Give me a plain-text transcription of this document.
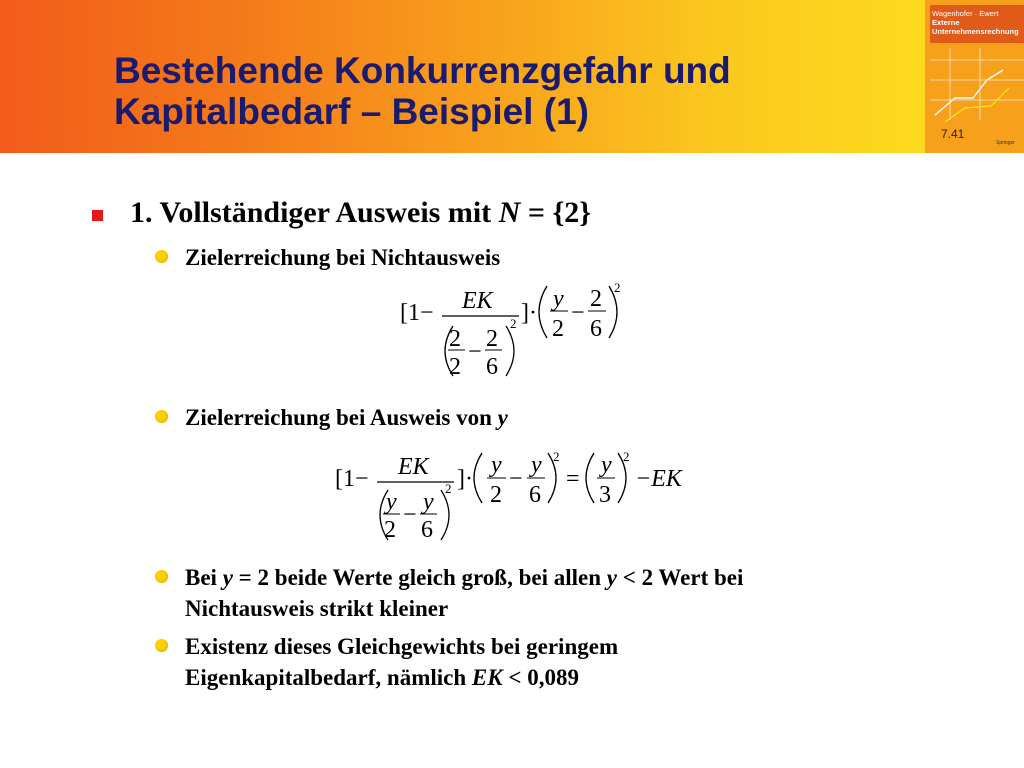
Bestehende Konkurrenzgefahr und
Kapitalbedarf – Beispiel (1)
Wagenhofer · Ewert
Externe
Unternehmensrechnung
7.41
Springer
1. Vollständiger Ausweis mit N = {2}
Zielerreichung bei Nichtausweis
[1− EK
2
2
− 2
6
2 ]·
y
2
−
2
6
2
Zielerreichung bei Ausweis von y
[1− EK
y
2
− y
6
2 ]·
y
2
−
y
6
2
=
y
3
2
−EK
Bei y = 2 beide Werte gleich groß, bei allen y < 2 Wert bei
Nichtausweis strikt kleiner
Existenz dieses Gleichgewichts bei geringem
Eigenkapitalbedarf, nämlich EK < 0,089
